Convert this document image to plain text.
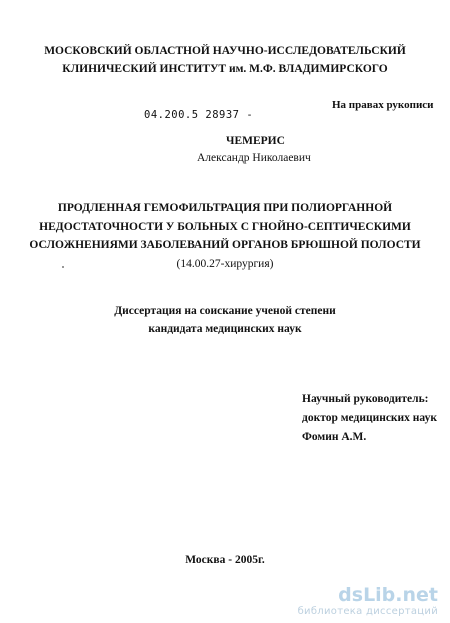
МОСКОВСКИЙ ОБЛАСТНОЙ НАУЧНО-ИССЛЕДОВАТЕЛЬСКИЙ
КЛИНИЧЕСКИЙ ИНСТИТУТ им. М.Ф. ВЛАДИМИРСКОГО
На правах рукописи
04.200.5 28937 -
ЧЕМЕРИС
Александр Николаевич
ПРОДЛЕННАЯ ГЕМОФИЛЬТРАЦИЯ ПРИ ПОЛИОРГАННОЙ
НЕДОСТАТОЧНОСТИ У БОЛЬНЫХ С ГНОЙНО-СЕПТИЧЕСКИМИ
ОСЛОЖНЕНИЯМИ ЗАБОЛЕВАНИЙ ОРГАНОВ БРЮШНОЙ ПОЛОСТИ
(14.00.27-хирургия)
Диссертация на соискание ученой степени
кандидата медицинских наук
Научный руководитель:
доктор медицинских наук
Фомин А.М.
Москва - 2005г.
dsLib.net
библиотека диссертаций
